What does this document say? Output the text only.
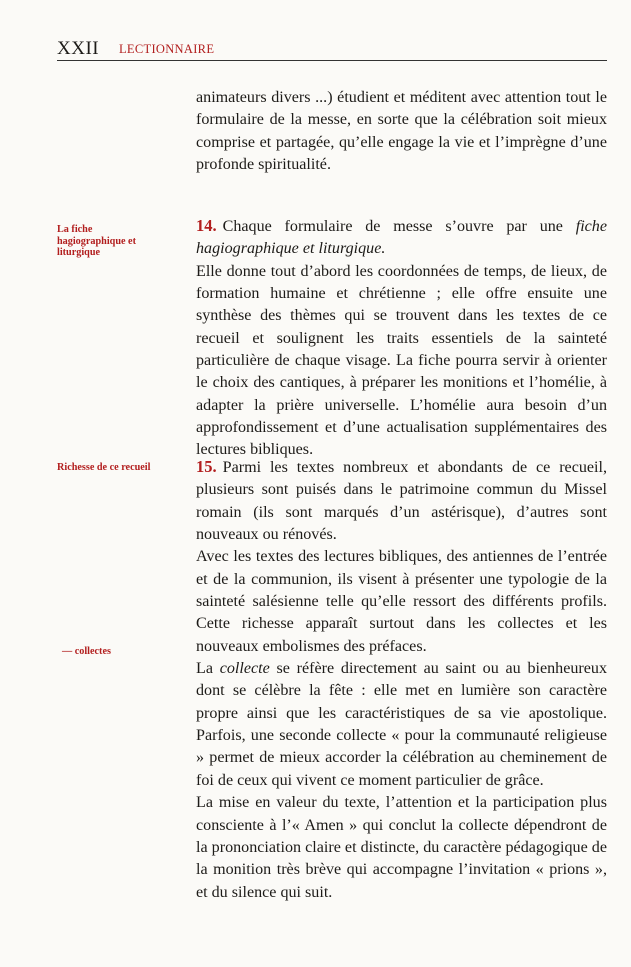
XXII LECTIONNAIRE

animateurs divers ...) étudient et méditent avec attention tout le formulaire de la messe, en sorte que la célébration soit mieux comprise et partagée, qu’elle engage la vie et l’imprègne d’une profonde spiritualité.

La fiche hagiographique et liturgique

14. Chaque formulaire de messe s’ouvre par une fiche hagiographique et liturgique.

Elle donne tout d’abord les coordonnées de temps, de lieux, de formation humaine et chrétienne ; elle offre ensuite une synthèse des thèmes qui se trouvent dans les textes de ce recueil et soulignent les traits essentiels de la sainteté particulière de chaque visage. La fiche pourra servir à orienter le choix des cantiques, à préparer les monitions et l’homélie, à adapter la prière universelle. L’homélie aura besoin d’un approfondissement et d’une actualisation supplémentaires des lectures bibliques.

Richesse de ce recueil	15. Parmi les textes nombreux et abondants de ce recueil, plusieurs sont puisés dans le patrimoine commun du Missel romain (ils sont marqués d’un astérisque), d’autres sont nouveaux ou rénovés.

Avec les textes des lectures bibliques, des antiennes de l’entrée et de la communion, ils visent à présenter une typologie de la sainteté salésienne telle qu’elle ressort des différents profils. Cette richesse apparaît surtout dans les collectes et les nouveaux embolismes des préfaces.

La collecte se réfère directement au saint ou au bienheureux dont se célèbre la fête : elle met en lumière son caractère propre ainsi que les caractéristiques de sa vie apostolique. Parfois, une seconde collecte « pour la communauté religieuse » permet de mieux accorder la célébration au cheminement de foi de ceux qui vivent ce moment particulier de grâce.

La mise en valeur du texte, l’attention et la participation plus consciente à l’« Amen » qui conclut la collecte dépendront de la prononciation claire et distincte, du caractère pédagogique de la monition très brève qui accompagne l’invitation « prions », et du silence qui suit.

— collectes
